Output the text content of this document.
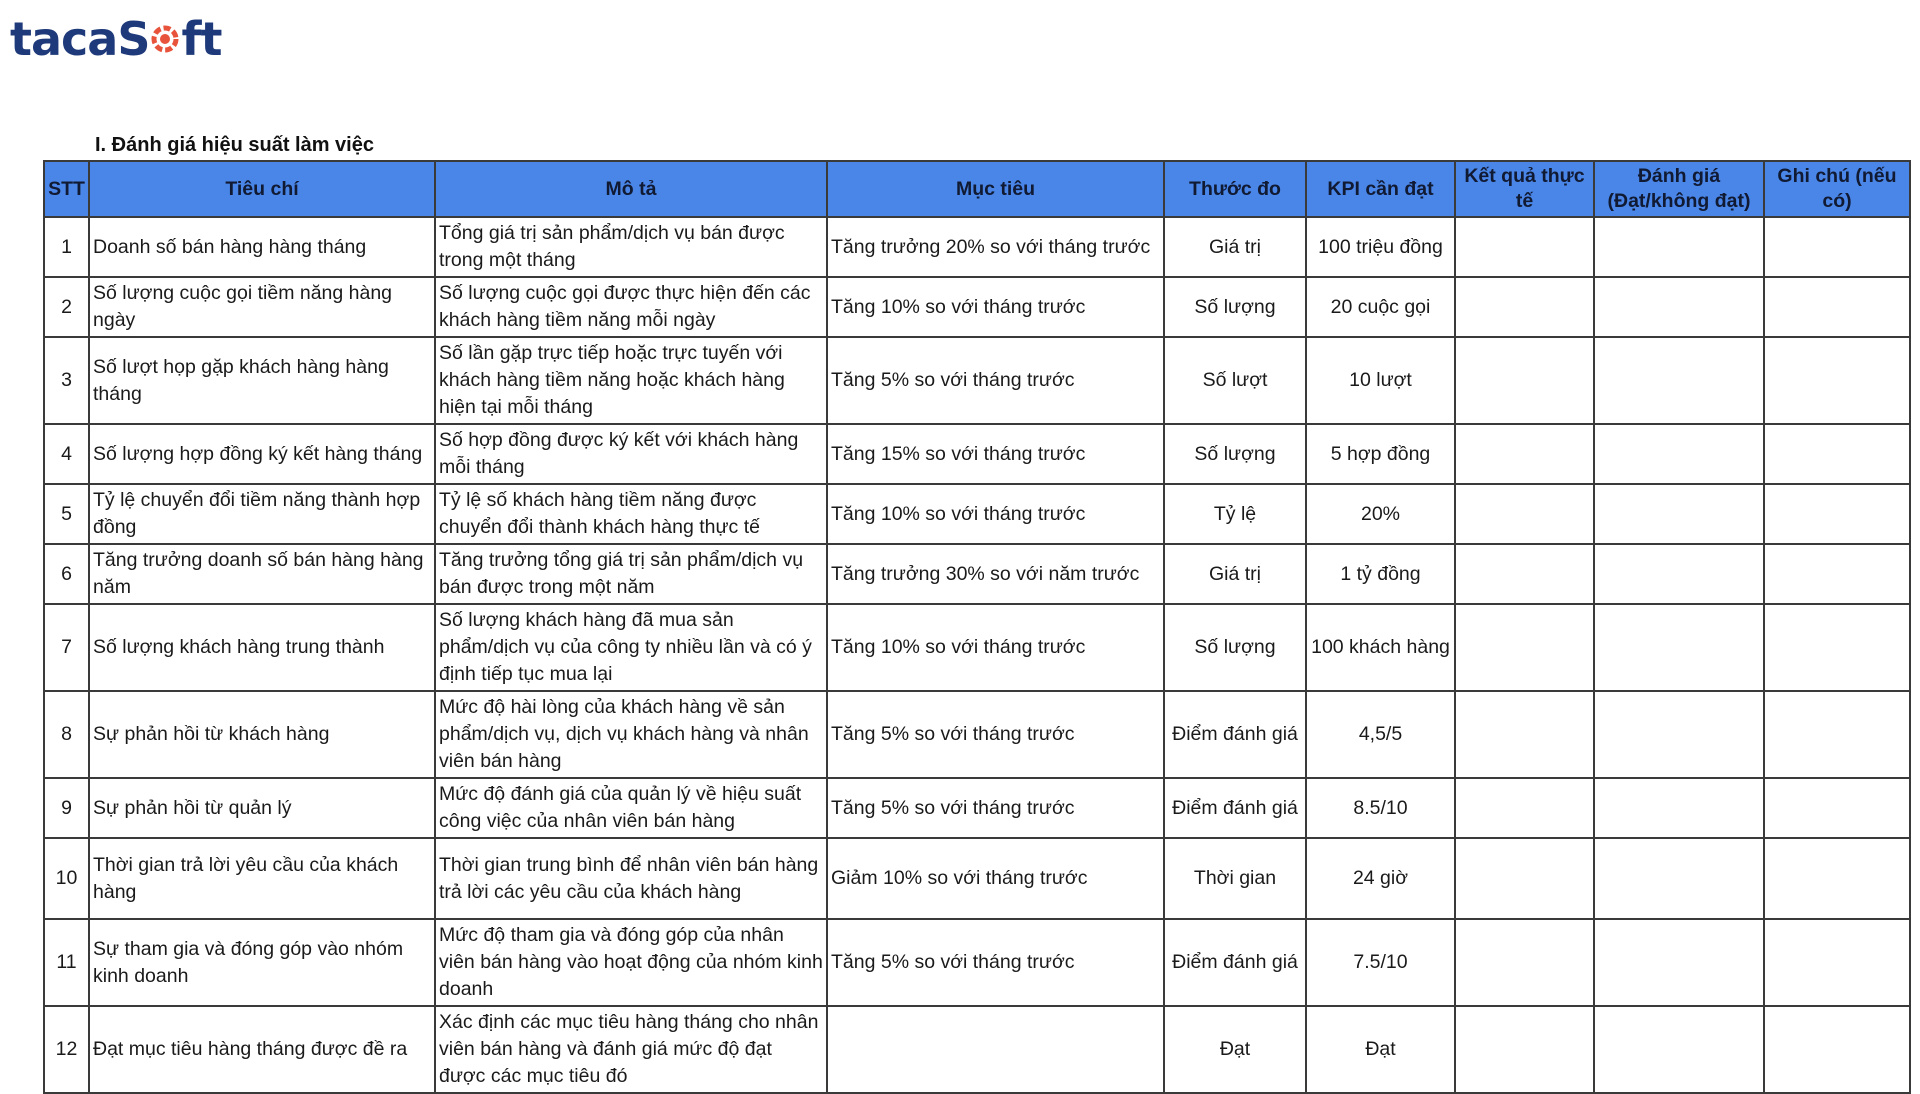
taca S ft
I. Đánh giá hiệu suất làm việc
STT	Tiêu chí	Mô tả	Mục tiêu	Thước đo	KPI cần đạt	Kết quả thực tế	Đánh giá (Đạt/không đạt)	Ghi chú (nếu có)
1	Doanh số bán hàng hàng tháng	Tổng giá trị sản phẩm/dịch vụ bán được trong một tháng	Tăng trưởng 20% so với tháng trước	Giá trị	100 triệu đồng			
2	Số lượng cuộc gọi tiềm năng hàng ngày	Số lượng cuộc gọi được thực hiện đến các khách hàng tiềm năng mỗi ngày	Tăng 10% so với tháng trước	Số lượng	20 cuộc gọi			
3	Số lượt họp gặp khách hàng hàng tháng	Số lần gặp trực tiếp hoặc trực tuyến với khách hàng tiềm năng hoặc khách hàng hiện tại mỗi tháng	Tăng 5% so với tháng trước	Số lượt	10 lượt			
4	Số lượng hợp đồng ký kết hàng tháng	Số hợp đồng được ký kết với khách hàng mỗi tháng	Tăng 15% so với tháng trước	Số lượng	5 hợp đồng			
5	Tỷ lệ chuyển đổi tiềm năng thành hợp đồng	Tỷ lệ số khách hàng tiềm năng được chuyển đổi thành khách hàng thực tế	Tăng 10% so với tháng trước	Tỷ lệ	20%			
6	Tăng trưởng doanh số bán hàng hàng năm	Tăng trưởng tổng giá trị sản phẩm/dịch vụ bán được trong một năm	Tăng trưởng 30% so với năm trước	Giá trị	1 tỷ đồng			
7	Số lượng khách hàng trung thành	Số lượng khách hàng đã mua sản phẩm/dịch vụ của công ty nhiều lần và có ý định tiếp tục mua lại	Tăng 10% so với tháng trước	Số lượng	100 khách hàng			
8	Sự phản hồi từ khách hàng	Mức độ hài lòng của khách hàng về sản phẩm/dịch vụ, dịch vụ khách hàng và nhân viên bán hàng	Tăng 5% so với tháng trước	Điểm đánh giá	4,5/5			
9	Sự phản hồi từ quản lý	Mức độ đánh giá của quản lý về hiệu suất công việc của nhân viên bán hàng	Tăng 5% so với tháng trước	Điểm đánh giá	8.5/10			
10	Thời gian trả lời yêu cầu của khách hàng	Thời gian trung bình để nhân viên bán hàng trả lời các yêu cầu của khách hàng	Giảm 10% so với tháng trước	Thời gian	24 giờ			
11	Sự tham gia và đóng góp vào nhóm kinh doanh	Mức độ tham gia và đóng góp của nhân viên bán hàng vào hoạt động của nhóm kinh doanh	Tăng 5% so với tháng trước	Điểm đánh giá	7.5/10			
12	Đạt mục tiêu hàng tháng được đề ra	Xác định các mục tiêu hàng tháng cho nhân viên bán hàng và đánh giá mức độ đạt được các mục tiêu đó		Đạt	Đạt			
